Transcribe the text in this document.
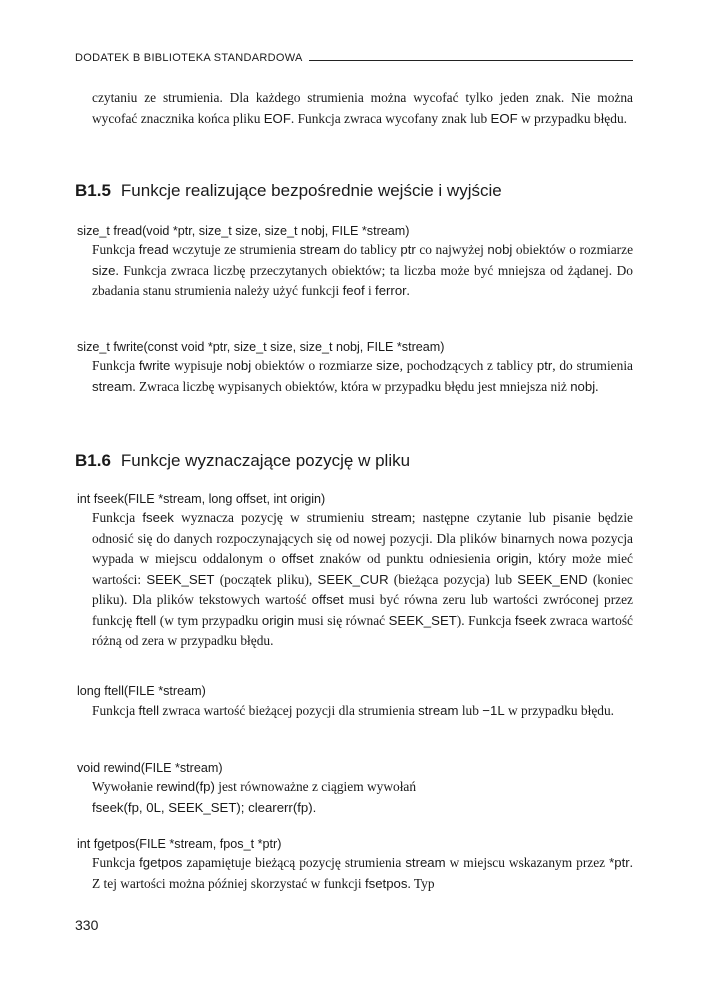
DODATEK B BIBLIOTEKA STANDARDOWA

czytaniu ze strumienia. Dla każdego strumienia można wycofać tylko jeden znak. Nie można wycofać znacznika końca pliku EOF. Funkcja zwraca wycofany znak lub EOF w przypadku błędu.

B1.5 Funkcje realizujące bezpośrednie wejście i wyjście
size_t fread(void *ptr, size_t size, size_t nobj, FILE *stream)

Funkcja fread wczytuje ze strumienia stream do tablicy ptr co najwyżej nobj obiektów o rozmiarze size. Funkcja zwraca liczbę przeczytanych obiektów; ta liczba może być mniejsza od żądanej. Do zbadania stanu strumienia należy użyć funkcji feof i ferror.

size_t fwrite(const void *ptr, size_t size, size_t nobj, FILE *stream)

Funkcja fwrite wypisuje nobj obiektów o rozmiarze size, pochodzących z tablicy ptr, do strumienia stream. Zwraca liczbę wypisanych obiektów, która w przypadku błędu jest mniejsza niż nobj.

B1.6 Funkcje wyznaczające pozycję w pliku
int fseek(FILE *stream, long offset, int origin)

Funkcja fseek wyznacza pozycję w strumieniu stream; następne czytanie lub pisanie będzie odnosić się do danych rozpoczynających się od nowej pozycji. Dla plików binarnych nowa pozycja wypada w miejscu oddalonym o offset znaków od punktu odniesienia origin, który może mieć wartości: SEEK_SET (początek pliku), SEEK_CUR (bieżąca pozycja) lub SEEK_END (koniec pliku). Dla plików tekstowych wartość offset musi być równa zeru lub wartości zwróconej przez funkcję ftell (w tym przypadku origin musi się równać SEEK_SET). Funkcja fseek zwraca wartość różną od zera w przypadku błędu.

long ftell(FILE *stream)

Funkcja ftell zwraca wartość bieżącej pozycji dla strumienia stream lub −1L w przypadku błędu.

void rewind(FILE *stream)

Wywołanie rewind(fp) jest równoważne z ciągiem wywołań
fseek(fp, 0L, SEEK_SET); clearerr(fp).

int fgetpos(FILE *stream, fpos_t *ptr)

Funkcja fgetpos zapamiętuje bieżącą pozycję strumienia stream w miejscu wskazanym przez *ptr. Z tej wartości można później skorzystać w funkcji fsetpos. Typ

330
